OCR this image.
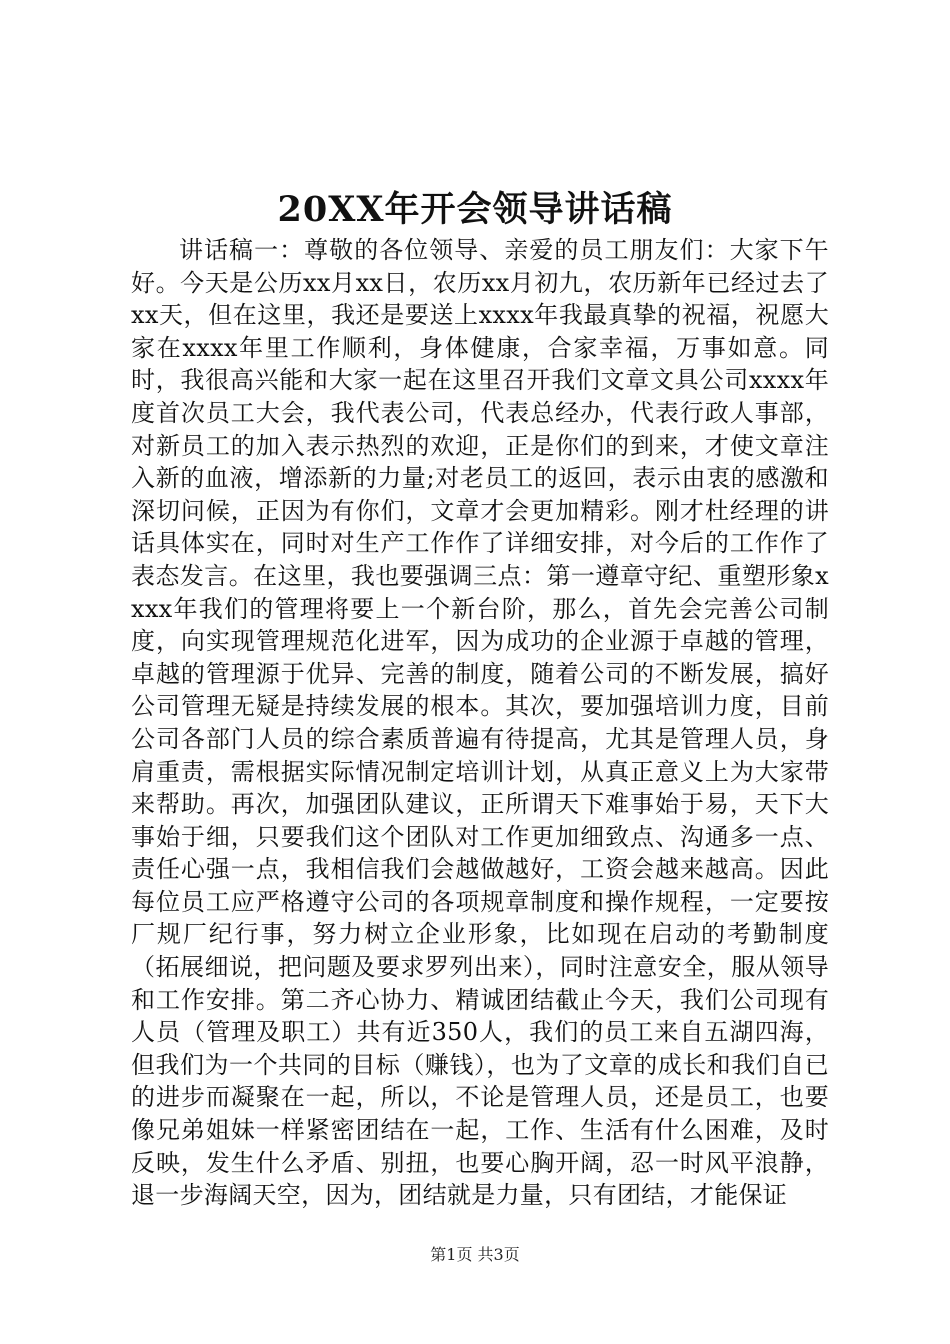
20XX年开会领导讲话稿

讲话稿一：尊敬的各位领导、亲爱的员工朋友们：大家下午好。今天是公历xx月xx日，农历xx月初九，农历新年已经过去了xx天，但在这里，我还是要送上xxxx年我最真挚的祝福，祝愿大家在xxxx年里工作顺利，身体健康，合家幸福，万事如意。同时，我很高兴能和大家一起在这里召开我们文章文具公司xxxx年度首次员工大会，我代表公司，代表总经办，代表行政人事部，对新员工的加入表示热烈的欢迎，正是你们的到来，才使文章注入新的血液，增添新的力量;对老员工的返回，表示由衷的感激和深切问候，正因为有你们，文章才会更加精彩。刚才杜经理的讲话具体实在，同时对生产工作作了详细安排，对今后的工作作了表态发言。在这里，我也要强调三点：第一遵章守纪、重塑形象xxxx年我们的管理将要上一个新台阶，那么，首先会完善公司制度，向实现管理规范化进军，因为成功的企业源于卓越的管理，卓越的管理源于优异、完善的制度，随着公司的不断发展，搞好公司管理无疑是持续发展的根本。其次，要加强培训力度，目前公司各部门人员的综合素质普遍有待提高，尤其是管理人员，身肩重责，需根据实际情况制定培训计划，从真正意义上为大家带来帮助。再次，加强团队建议，正所谓天下难事始于易，天下大事始于细，只要我们这个团队对工作更加细致点、沟通多一点、责任心强一点，我相信我们会越做越好，工资会越来越高。因此每位员工应严格遵守公司的各项规章制度和操作规程，一定要按厂规厂纪行事，努力树立企业形象，比如现在启动的考勤制度（拓展细说，把问题及要求罗列出来），同时注意安全，服从领导和工作安排。第二齐心协力、精诚团结截止今天，我们公司现有人员（管理及职工）共有近350人，我们的员工来自五湖四海，但我们为一个共同的目标（赚钱），也为了文章的成长和我们自已的进步而凝聚在一起，所以，不论是管理人员，还是员工，也要像兄弟姐妹一样紧密团结在一起，工作、生活有什么困难，及时反映，发生什么矛盾、别扭，也要心胸开阔，忍一时风平浪静，退一步海阔天空，因为，团结就是力量，只有团结，才能保证

第1页 共3页
